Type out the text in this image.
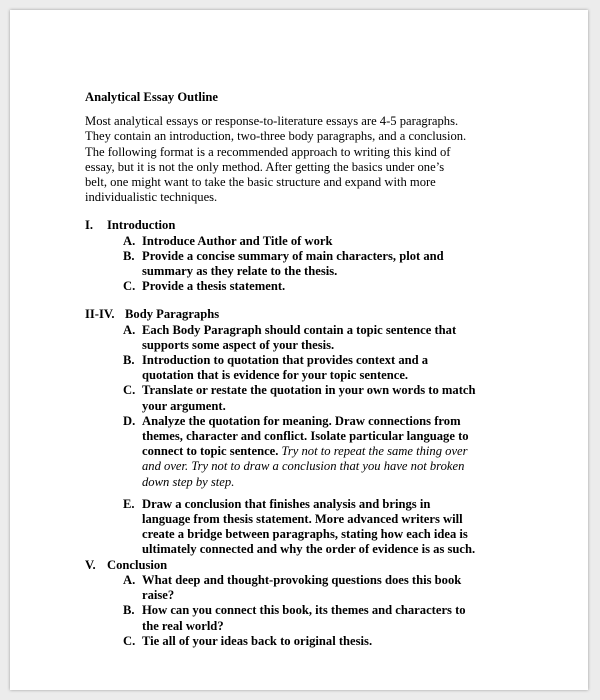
Analytical Essay Outline

Most analytical essays or response-to-literature essays are 4-5 paragraphs.

They contain an introduction, two-three body paragraphs, and a conclusion.

The following format is a recommended approach to writing this kind of

essay, but it is not the only method. After getting the basics under one’s

belt, one might want to take the basic structure and expand with more

individualistic techniques.

I. Introduction
A. Introduce Author and Title of work
B. Provide a concise summary of main characters, plot and
summary as they relate to the thesis.
C. Provide a thesis statement.
II-IV. Body Paragraphs
A. Each Body Paragraph should contain a topic sentence that
supports some aspect of your thesis.
B. Introduction to quotation that provides context and a
quotation that is evidence for your topic sentence.
C. Translate or restate the quotation in your own words to match
your argument.
D. Analyze the quotation for meaning. Draw connections from
themes, character and conflict. Isolate particular language to
connect to topic sentence. Try not to repeat the same thing over
and over. Try not to draw a conclusion that you have not broken
down step by step.
E. Draw a conclusion that finishes analysis and brings in
language from thesis statement. More advanced writers will
create a bridge between paragraphs, stating how each idea is
ultimately connected and why the order of evidence is as such.
V. Conclusion
A. What deep and thought-provoking questions does this book
raise?
B. How can you connect this book, its themes and characters to
the real world?
C. Tie all of your ideas back to original thesis.
